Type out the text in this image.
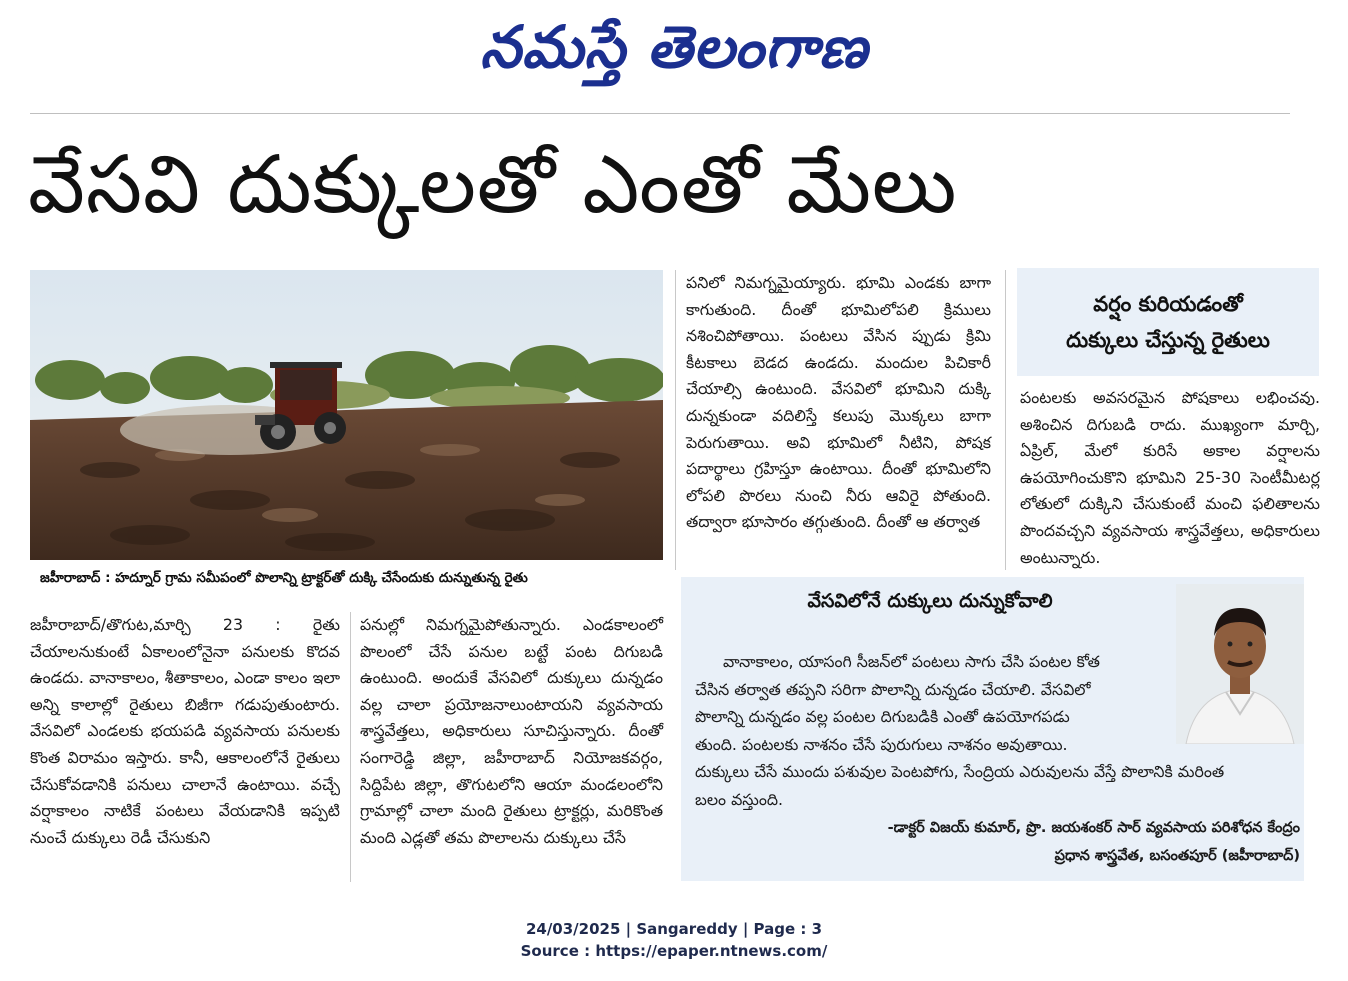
నమస్తే తెలంగాణ
వేసవి దుక్కులతో ఎంతో మేలు
జహీరాబాద్‌ : హద్నూర్‌ గ్రామ సమీపంలో పొలాన్ని ట్రాక్టర్‌తో దుక్కి చేసేందుకు దున్నుతున్న రైతు

జహీరాబాద్‌/తొగుట,మార్చి 23 : రైతు చేయాలనుకుంటే ఏకాలంలోనైనా పనులకు కొదవ ఉండదు. వానాకాలం, శీతాకాలం, ఎండా కాలం ఇలా అన్ని కాలాల్లో రైతులు బిజీగా గడుపుతుంటారు. వేసవిలో ఎండలకు భయపడి వ్యవసాయ పనులకు కొంత విరామం ఇస్తారు. కానీ, ఆకాలంలోనే రైతులు చేసుకోవడానికి పనులు చాలానే ఉంటాయి. వచ్చే వర్షాకాలం నాటికే పంటలు వేయడానికి ఇప్పటి నుంచే దుక్కులు రెడీ చేసుకుని

పనుల్లో నిమగ్నమైపోతున్నారు. ఎండకాలంలో పొలంలో చేసే పనుల బట్టే పంట దిగుబడి ఉంటుంది. అందుకే వేసవిలో దుక్కులు దున్నడం వల్ల చాలా ప్రయోజనాలుంటాయని వ్యవసాయ శాస్త్రవేత్తలు, అధికారులు సూచిస్తున్నారు. దీంతో సంగారెడ్డి జిల్లా, జహీరాబాద్‌ నియోజకవర్గం, సిద్దిపేట జిల్లా, తొగుటలోని ఆయా మండలంలోని గ్రామాల్లో చాలా మంది రైతులు ట్రాక్టర్లు, మరికొంత మంది ఎడ్లతో తమ పొలాలను దుక్కులు చేసే

పనిలో నిమగ్నమైయ్యారు. భూమి ఎండకు బాగా కాగుతుంది. దీంతో భూమిలోపలి క్రిములు నశించిపోతాయి. పంటలు వేసిన ప్పుడు క్రిమి కీటకాలు బెడద ఉండదు. మందుల పిచికారీ చేయాల్సి ఉంటుంది. వేసవిలో భూమిని దుక్కి దున్నకుండా వదిలిస్తే కలుపు మొక్కలు బాగా పెరుగుతాయి. అవి భూమిలో నీటిని, పోషక పదార్థాలు గ్రహిస్తూ ఉంటాయి. దీంతో భూమిలోని లోపలి పొరలు నుంచి నీరు ఆవిరై పోతుంది. తద్వారా భూసారం తగ్గుతుంది. దీంతో ఆ తర్వాత

వర్షం కురియడంతో
దుక్కులు చేస్తున్న రైతులు

పంటలకు అవసరమైన పోషకాలు లభించవు. అశించిన దిగుబడి రాదు. ముఖ్యంగా మార్చి, ఏప్రిల్‌, మేలో కురిసే అకాల వర్షాలను ఉపయోగించుకొని భూమిని 25-30 సెంటీమీటర్ల లోతులో దుక్కిని చేసుకుంటే మంచి ఫలితాలను పొందవచ్చని వ్యవసాయ శాస్త్రవేత్తలు, అధికారులు అంటున్నారు.

వేసవిలోనే దుక్కులు దున్నుకోవాలి
వానాకాలం, యాసంగి సీజన్‌లో పంటలు సాగు చేసి పంటల కోత
చేసిన తర్వాత తప్పని సరిగా పొలాన్ని దున్నడం చేయాలి. వేసవిలో
పొలాన్ని దున్నడం వల్ల పంటల దిగుబడికి ఎంతో ఉపయోగపడు
తుంది. పంటలకు నాశనం చేసే పురుగులు నాశనం అవుతాయి.
దుక్కులు చేసే ముందు పశువుల పెంటపోగు, సేంద్రియ ఎరువులను వేస్తే పొలానికి మరింత
బలం వస్తుంది.
-డాక్టర్‌ విజయ్‌ కుమార్‌, ప్రొ. జయశంకర్‌ సార్‌ వ్యవసాయ పరిశోధన కేంద్రం
ప్రధాన శాస్త్రవేత, బసంతపూర్‌ (జహీరాబాద్‌)
24/03/2025 | Sangareddy | Page : 3
Source : https://epaper.ntnews.com/
